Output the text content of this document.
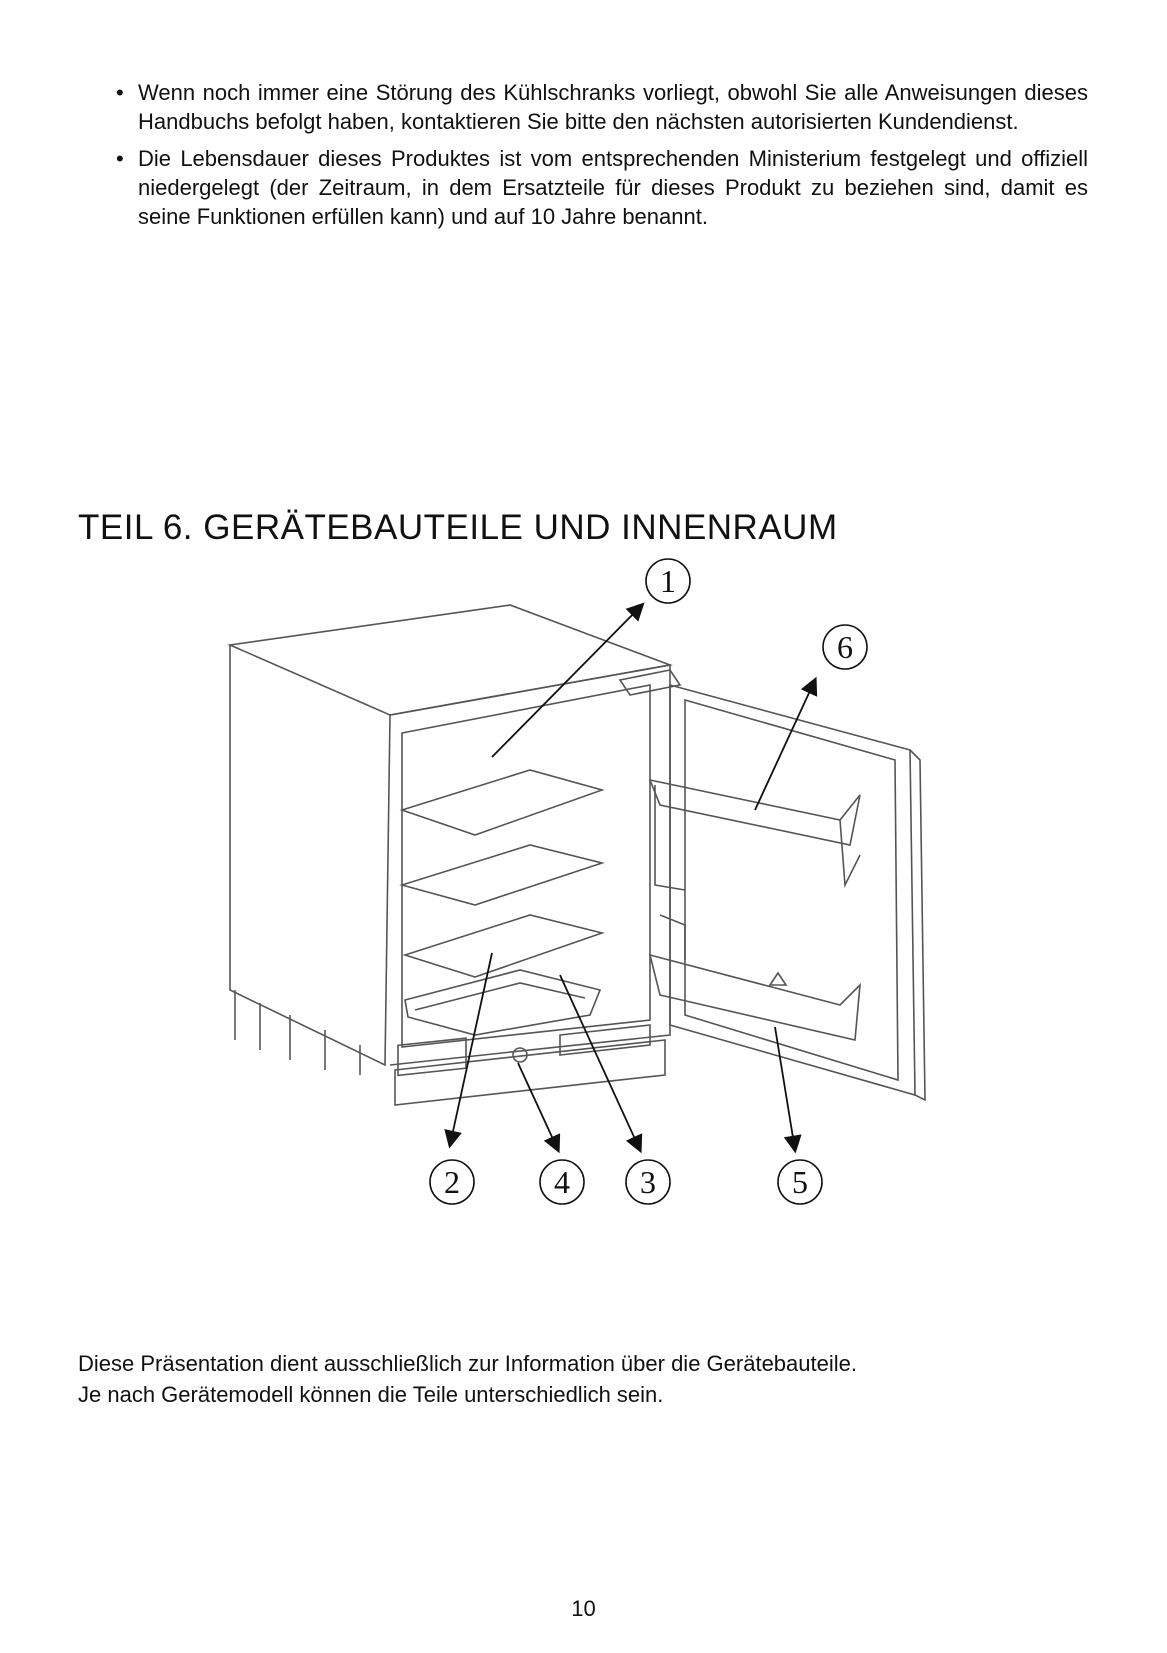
• Wenn noch immer eine Störung des Kühlschranks vorliegt, obwohl Sie alle Anweisungen dieses Handbuchs befolgt haben, kontaktieren Sie bitte den nächsten autorisierten Kundendienst.
• Die Lebensdauer dieses Produktes ist vom entsprechenden Ministerium festgelegt und offiziell niedergelegt (der Zeitraum, in dem Ersatzteile für dieses Produkt zu beziehen sind, damit es seine Funktionen erfüllen kann) und auf 10 Jahre benannt.
TEIL 6. GERÄTEBAUTEILE UND INNENRAUM
1
6
2	4 3	5

Diese Präsentation dient ausschließlich zur Information über die Gerätebauteile.
Je nach Gerätemodell können die Teile unterschiedlich sein.

10
